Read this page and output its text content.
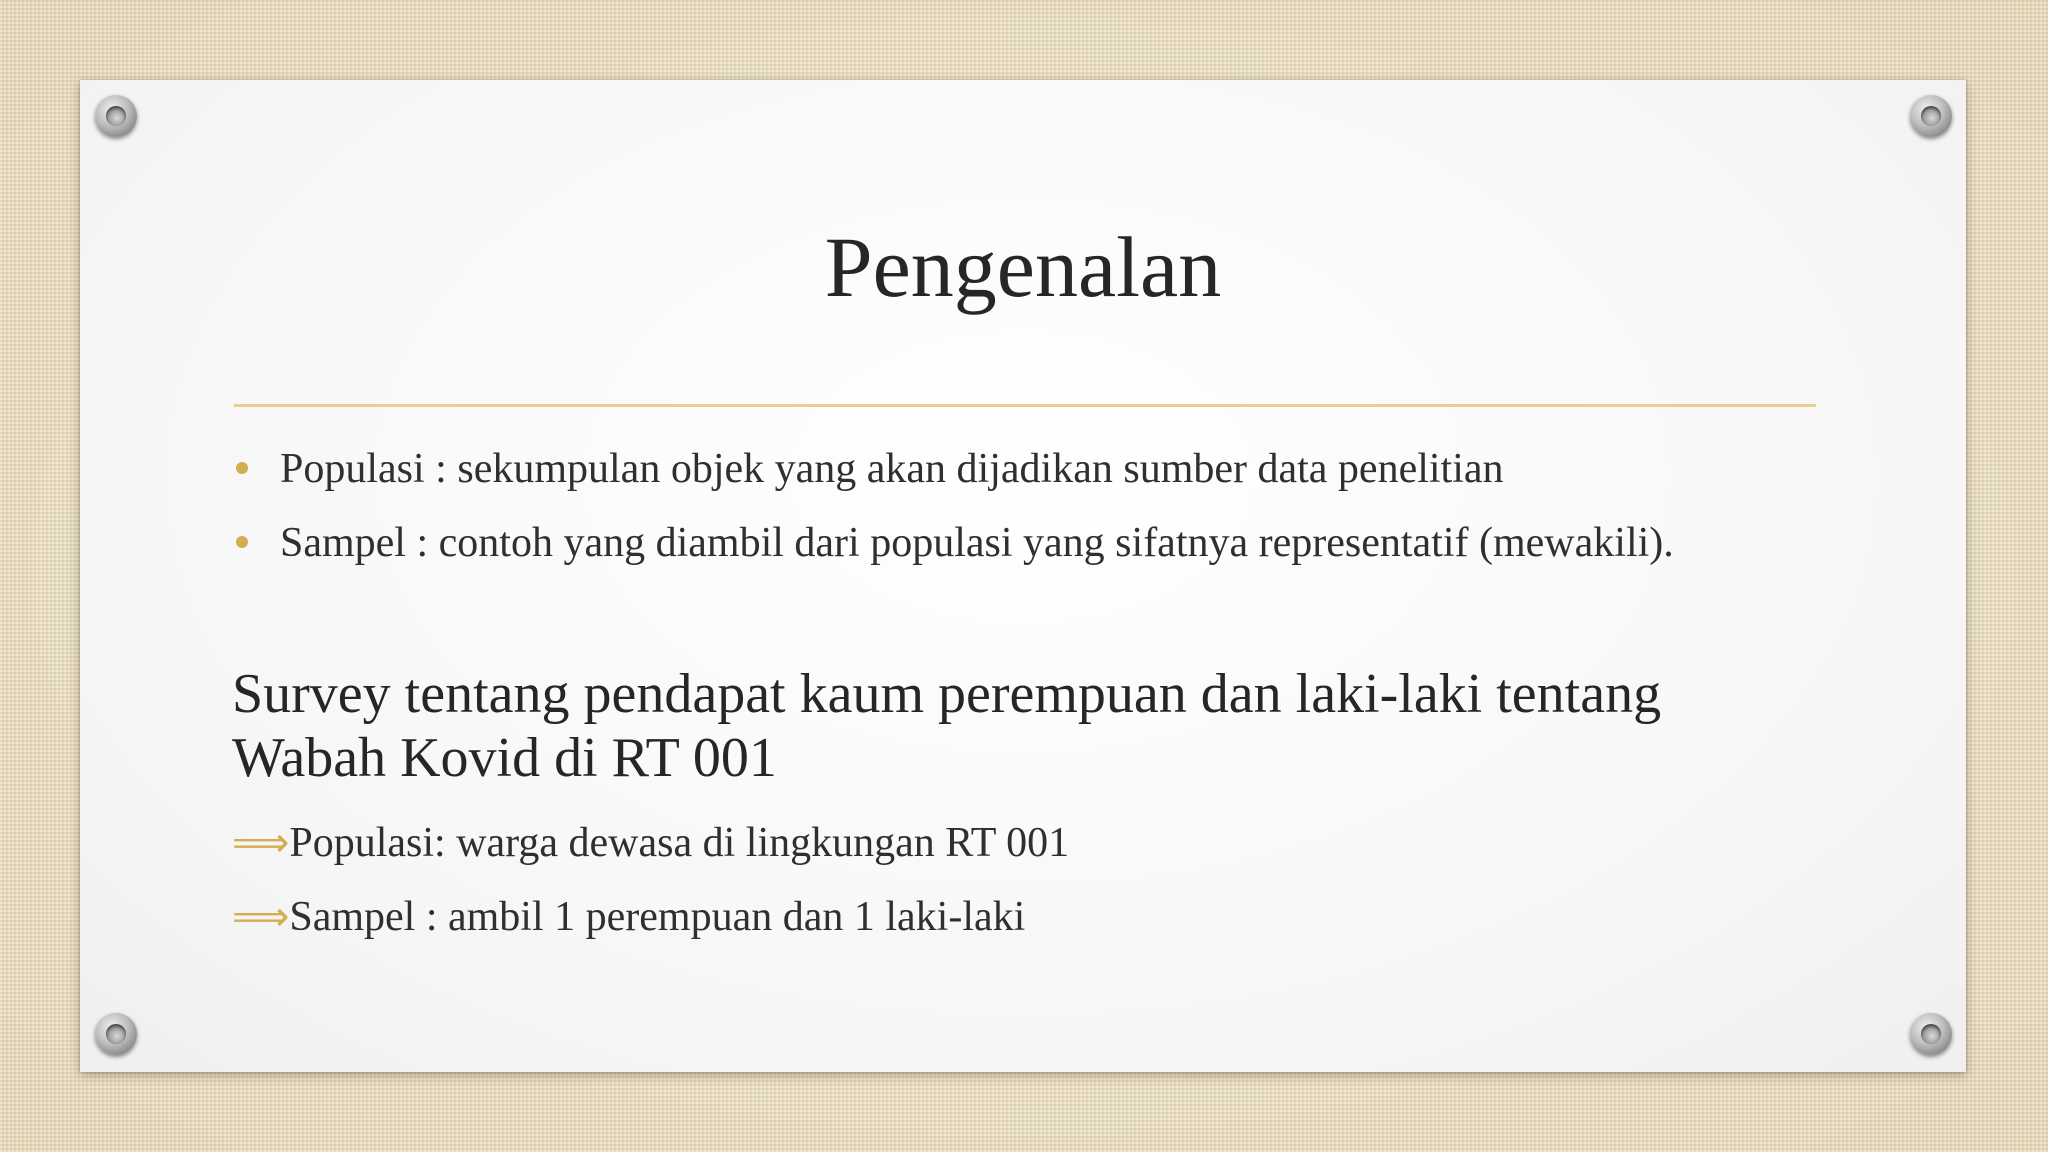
Pengenalan
Populasi : sekumpulan objek yang akan dijadikan sumber data penelitian
Sampel : contoh yang diambil dari populasi yang sifatnya representatif (mewakili).
Survey tentang pendapat kaum perempuan dan laki-laki tentang
Wabah Kovid di RT 001
⟹Populasi: warga dewasa di lingkungan RT 001
⟹Sampel : ambil 1 perempuan dan 1 laki-laki
